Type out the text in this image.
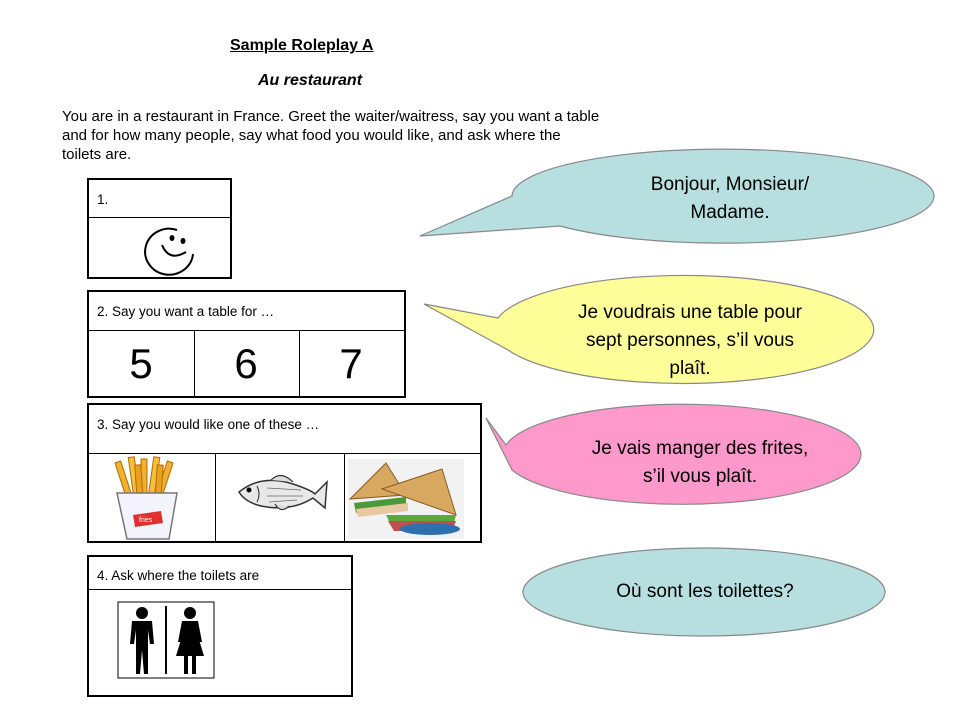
Sample Roleplay A
Au restaurant
You are in a restaurant in France. Greet the waiter/waitress, say you want a table and for how many people, say what food you would like, and ask where the toilets are.
Bonjour, Monsieur/
Madame.
Je voudrais une table pour
sept personnes, s’il vous
plaît.
Je vais manger des frites,
s’il vous plaît.
Où sont les toilettes?
1.
2. Say you want a table for …
5	6	7
3. Say you would like one of these …
fries
4. Ask where the toilets are
